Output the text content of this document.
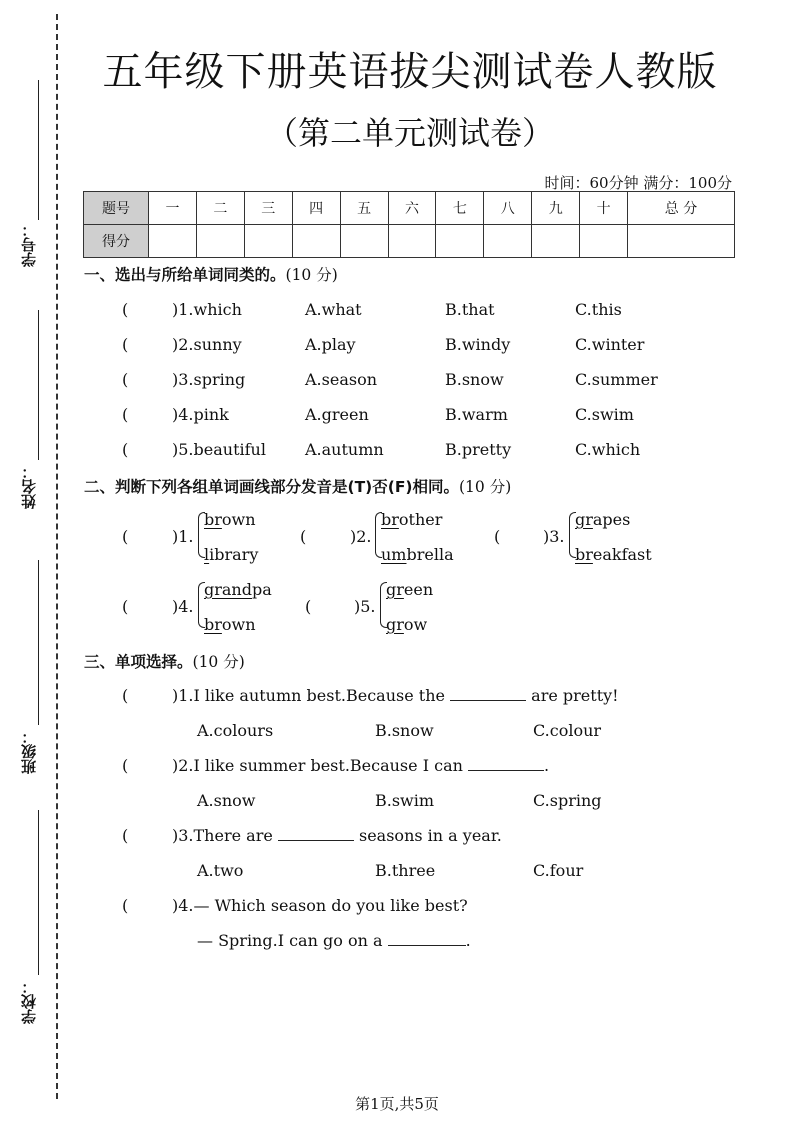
学号：
姓名：
班级：
学校：
五年级下册英语拔尖测试卷人教版
（第二单元测试卷）
时间：60分钟 满分：100分
题号	一	二	三	四	五	六	七	八	九	十	总 分
得分											
一、选出与所给单词同类的。(10 分)
(	)1.which	A.what	B.that	C.this
(	)2.sunny	A.play	B.windy	C.winter
(	)3.spring	A.season	B.snow	C.summer
(	)4.pink	A.green	B.warm	C.swim
(	)5.beautiful A.autumn	B.pretty	C.which
二、判断下列各组单词画线部分发音是(T)否(F)相同。(10 分)
(	)1.
brown
library
(	)2.
brother
umbrella
(	)3.
grapes
breakfast
(	)4.
grandpa
brown
(	)5.
green
grow
三、单项选择。(10 分)
(	)1.I like autumn best.Because the	are pretty!
A.colours	B.snow	C.colour
(	)2.I like summer best.Because I can	.
A.snow	B.swim	C.spring
(	)3.There are	seasons in a year.
A.two	B.three	C.four
(	)4.— Which season do you like best?
— Spring.I can go on a	.
第1页,共5页
